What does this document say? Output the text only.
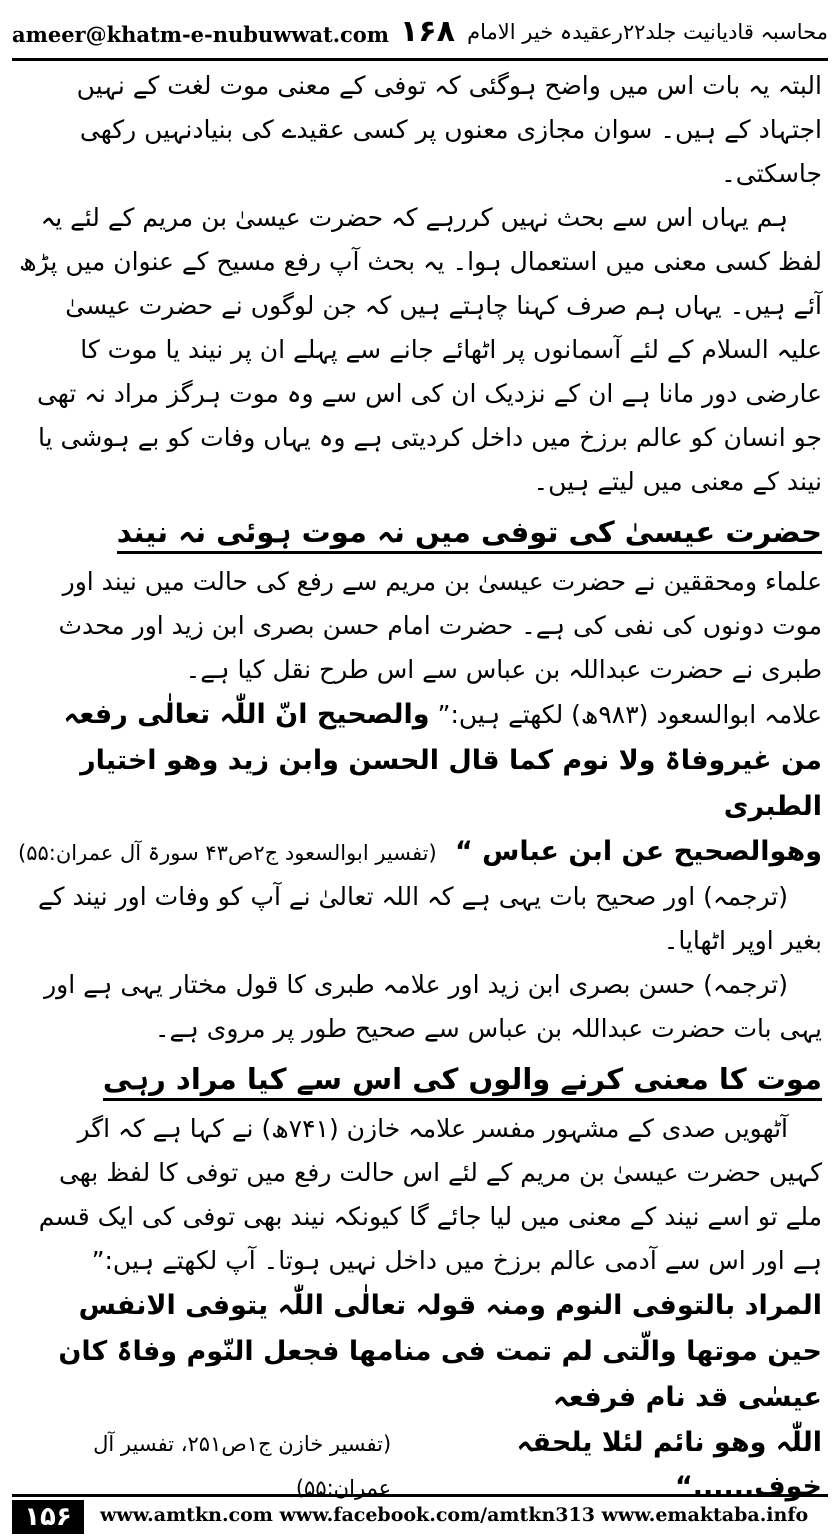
ameer@khatm-e-nubuwwat.com ۱۶۸ محاسبہ قادیانیت جلد۲۲رعقیدہ خیر الامام

البتہ یہ بات اس میں واضح ہوگئی کہ توفی کے معنی موت لغت کے نہیں اجتہاد کے ہیں۔ سوان مجازی معنوں پر کسی عقیدے کی بنیادنہیں رکھی جاسکتی۔

ہم یہاں اس سے بحث نہیں کررہے کہ حضرت عیسیٰ بن مریم کے لئے یہ لفظ کسی معنی میں استعمال ہوا۔ یہ بحث آپ رفع مسیح کے عنوان میں پڑھ آئے ہیں۔ یہاں ہم صرف کہنا چاہتے ہیں کہ جن لوگوں نے حضرت عیسیٰ علیہ السلام کے لئے آسمانوں پر اٹھائے جانے سے پہلے ان پر نیند یا موت کا عارضی دور مانا ہے ان کے نزدیک ان کی اس سے وہ موت ہرگز مراد نہ تھی جو انسان کو عالم برزخ میں داخل کردیتی ہے وہ یہاں وفات کو بے ہوشی یا نیند کے معنی میں لیتے ہیں۔

حضرت عیسیٰ کی توفی میں نہ موت ہوئی نہ نیند

علماء ومحققین نے حضرت عیسیٰ بن مریم سے رفع کی حالت میں نیند اور موت دونوں کی نفی کی ہے۔ حضرت امام حسن بصری ابن زید اور محدث طبری نے حضرت عبداللہ بن عباس سے اس طرح نقل کیا ہے۔

علامہ ابوالسعود (۹۸۳ھ) لکھتے ہیں:” والصحیح انّ اللّٰہ تعالٰی رفعہ من غیروفاۃ ولا نوم کما قال الحسن وابن زید وھو اختیار الطبری

وھوالصحیح عن ابن عباس “
(تفسیر ابوالسعود ج۲ص۴۳ سورۃ آل عمران:۵۵)

(ترجمہ) اور صحیح بات یہی ہے کہ اللہ تعالیٰ نے آپ کو وفات اور نیند کے بغیر اوپر اٹھایا۔

(ترجمہ) حسن بصری ابن زید اور علامہ طبری کا قول مختار یہی ہے اور یہی بات حضرت عبداللہ بن عباس سے صحیح طور پر مروی ہے۔

موت کا معنی کرنے والوں کی اس سے کیا مراد رہی

آٹھویں صدی کے مشہور مفسر علامہ خازن (۷۴۱ھ) نے کہا ہے کہ اگر کہیں حضرت عیسیٰ بن مریم کے لئے اس حالت رفع میں توفی کا لفظ بھی ملے تو اسے نیند کے معنی میں لیا جائے گا کیونکہ نیند بھی توفی کی ایک قسم ہے اور اس سے آدمی عالم برزخ میں داخل نہیں ہوتا۔ آپ لکھتے ہیں:”

المراد بالتوفی النوم ومنہ قولہ تعالٰی اللّٰہ یتوفی الانفس حین موتھا والّتی لم تمت فی منامھا فجعل النّوم وفاۃً کان عیسٰی قد نام فرفعہ

اللّٰہ وھو نائم لئلا یلحقہ خوف......“
(تفسیر خازن ج۱ص۲۵۱، تفسیر آل عمران:۵۵)
۱۵۶	www.amtkn.com www.facebook.com/amtkn313 www.emaktaba.info
